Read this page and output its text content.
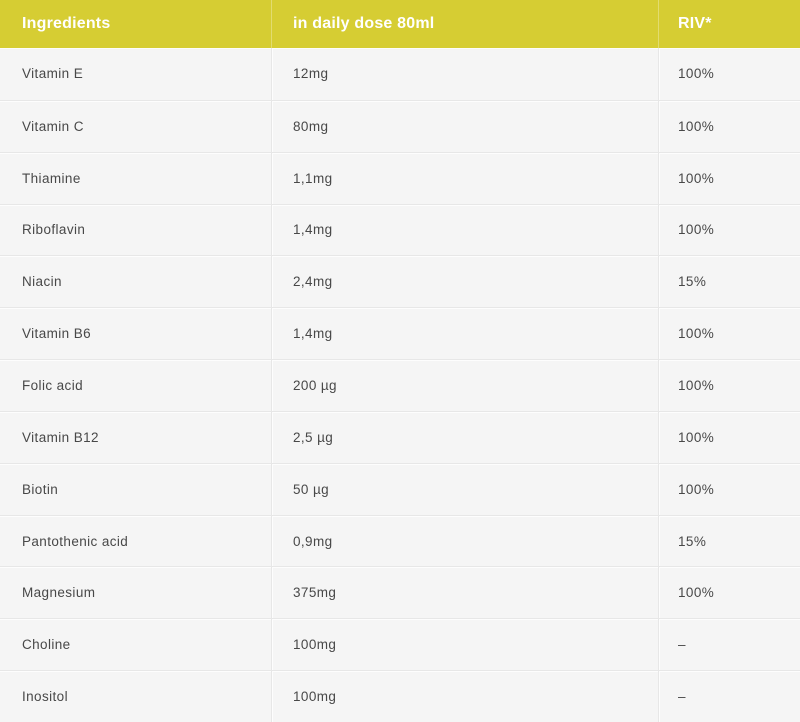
Ingredients	in daily dose 80ml	RIV*
Vitamin E	12mg	100%
Vitamin C	80mg	100%
Thiamine	1,1mg	100%
Riboflavin	1,4mg	100%
Niacin	2,4mg	15%
Vitamin B6	1,4mg	100%
Folic acid	200 µg	100%
Vitamin B12	2,5 µg	100%
Biotin	50 µg	100%
Pantothenic acid	0,9mg	15%
Magnesium	375mg	100%
Choline	100mg	–
Inositol	100mg	–
